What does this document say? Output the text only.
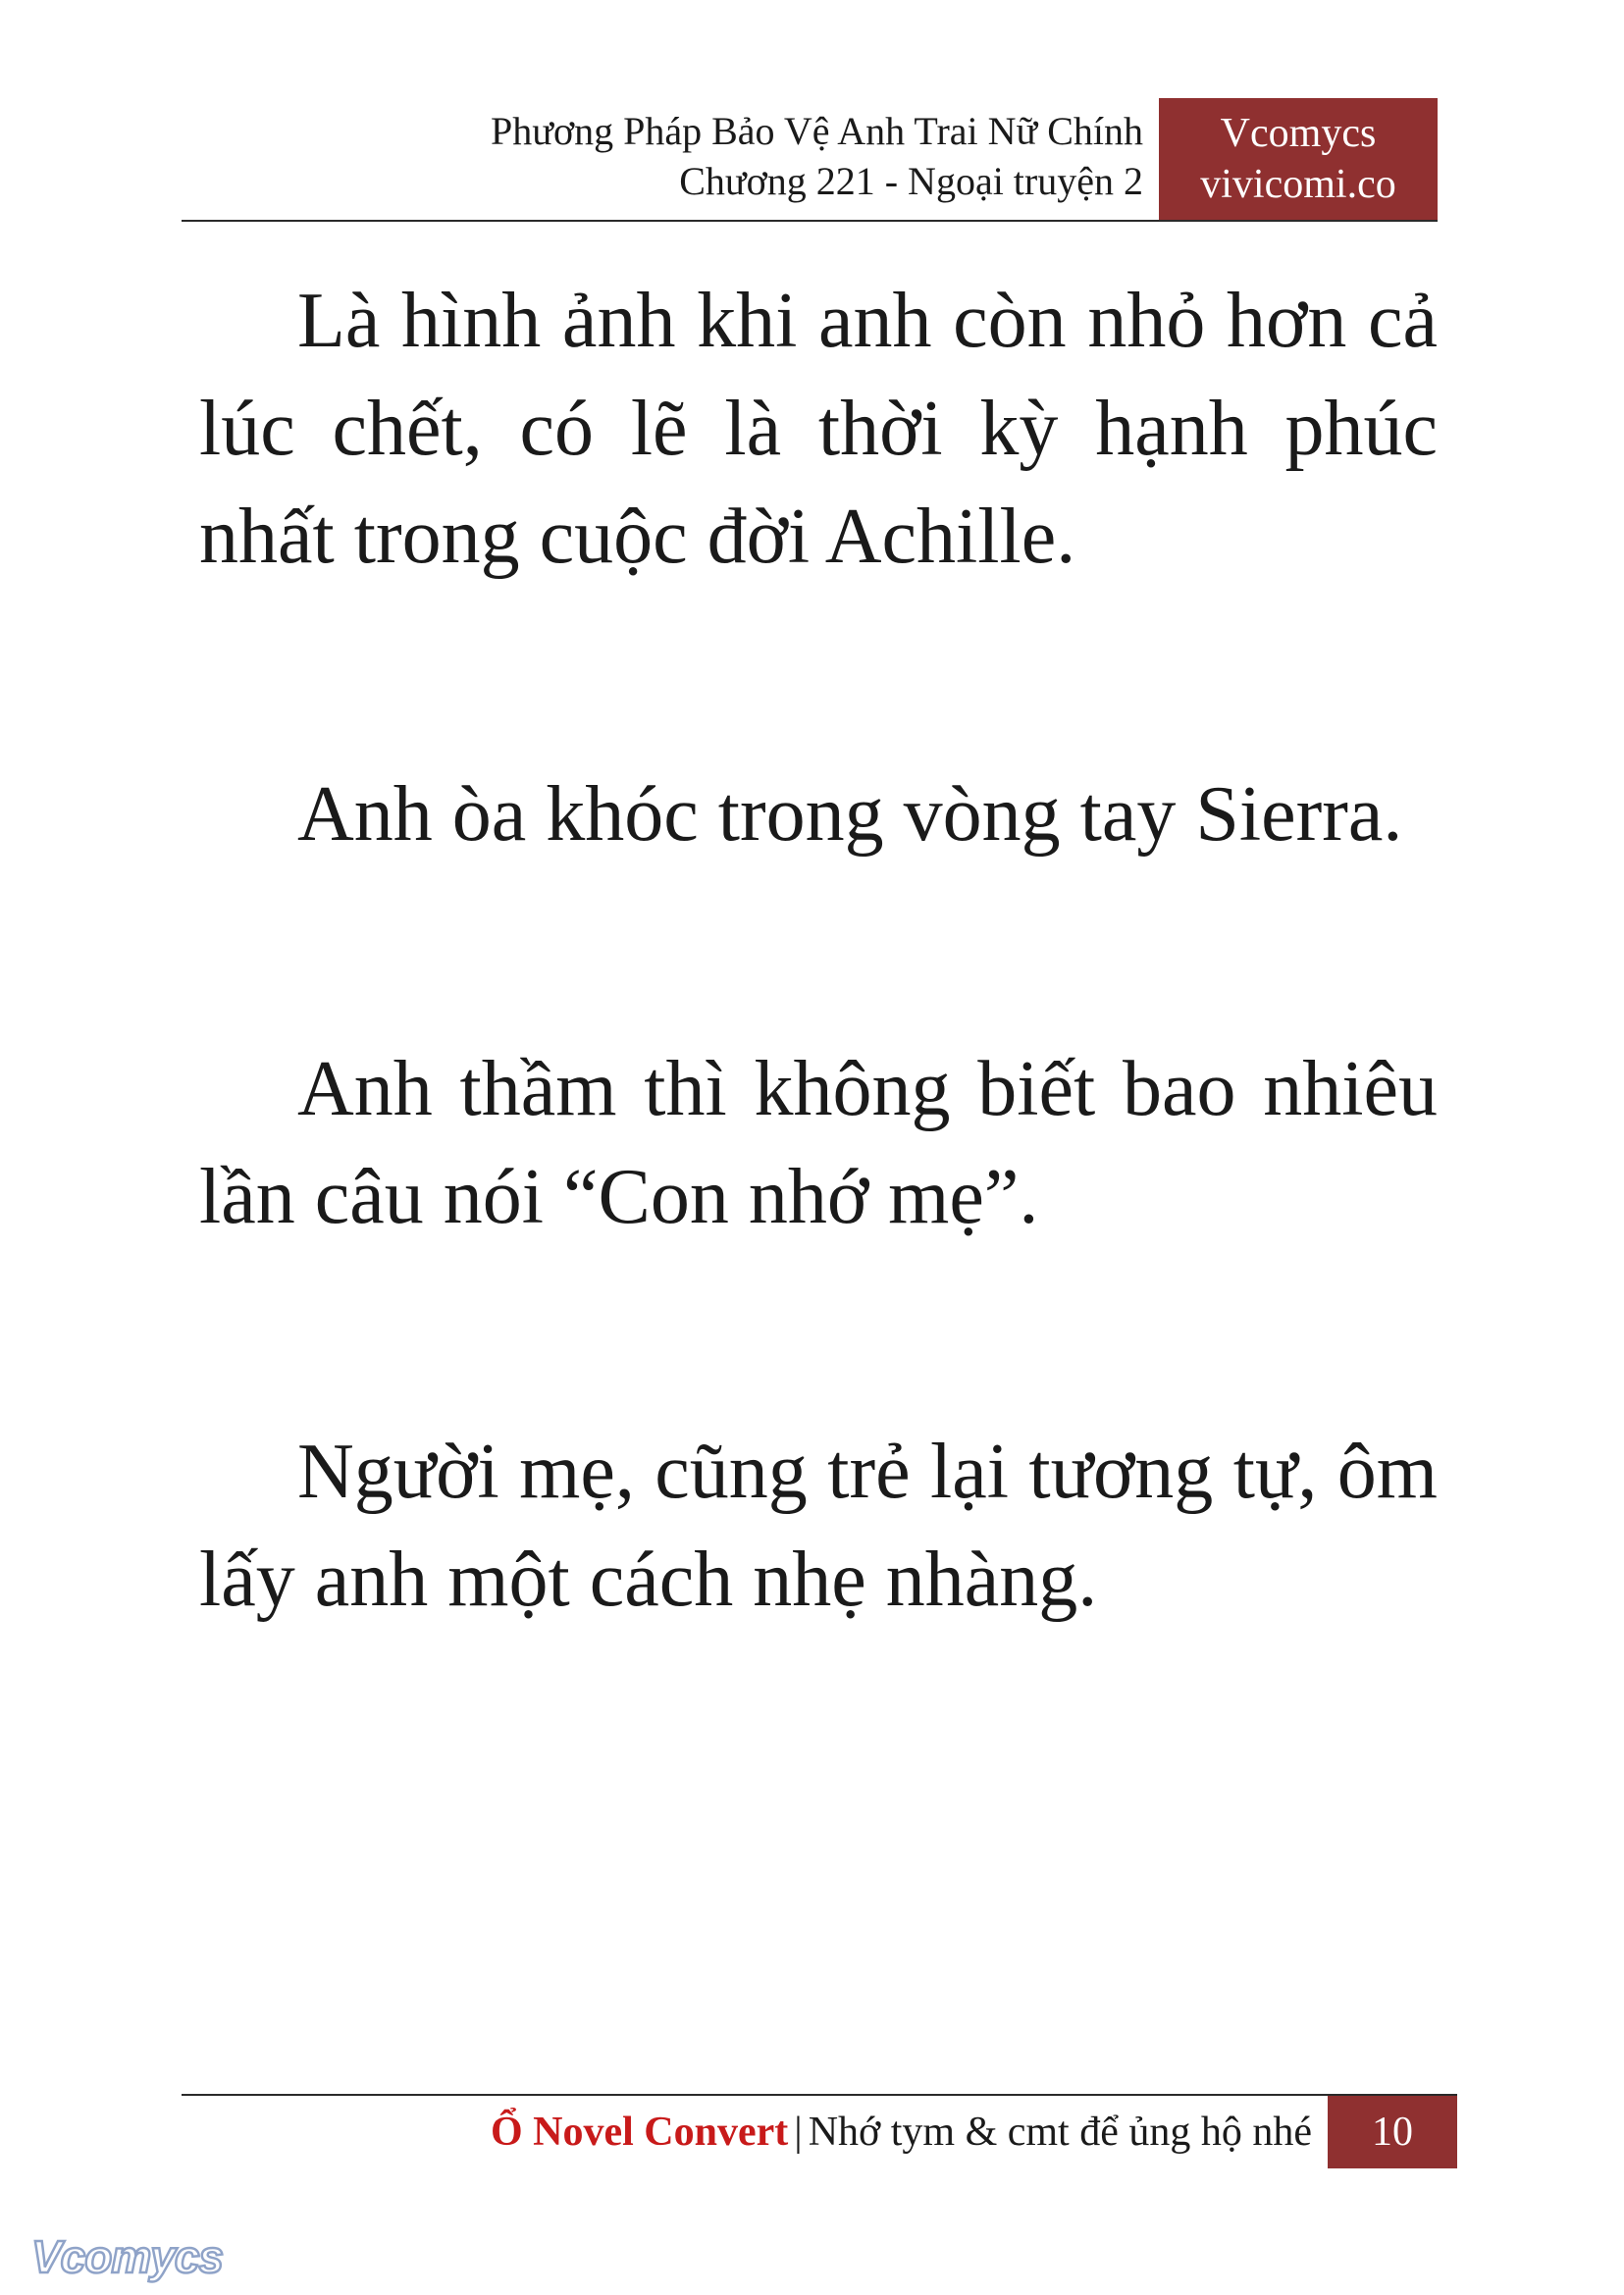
Phương Pháp Bảo Vệ Anh Trai Nữ Chính
Chương 221 - Ngoại truyện 2
Vcomycs
vivicomi.co

Là hình ảnh khi anh còn nhỏ hơn cả lúc chết, có lẽ là thời kỳ hạnh phúc nhất trong cuộc đời Achille.

Anh òa khóc trong vòng tay Sierra.

Anh thầm thì không biết bao nhiêu lần câu nói “Con nhớ mẹ”.

Người mẹ, cũng trẻ lại tương tự, ôm lấy anh một cách nhẹ nhàng.

Ổ Novel Convert | Nhớ tym & cmt để ủng hộ nhé	10
Vcomycs
